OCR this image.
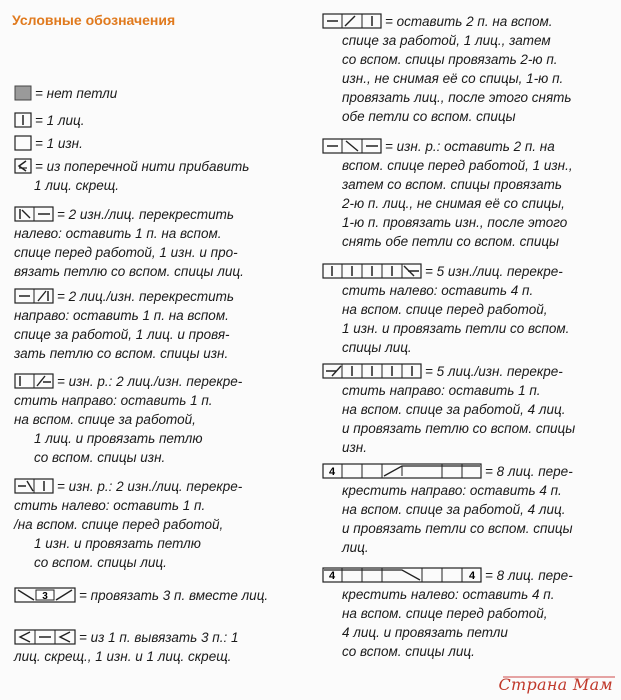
Условные обозначения
= нет петли
= 1 лиц.
= 1 изн.
= из поперечной нити прибавить
1 лиц. скрещ.
= 2 изн./лиц. перекрестить
налево: оставить 1 п. на вспом.
спице перед работой, 1 изн. и про-
вязать петлю со вспом. спицы лиц.
= 2 лиц./изн. перекрестить
направо: оставить 1 п. на вспом.
спице за работой, 1 лиц. и провя-
зать петлю со вспом. спицы изн.
= изн. р.: 2 лиц./изн. перекре-
стить направо: оставить 1 п.
на вспом. спице за работой,
1 лиц. и провязать петлю
со вспом. спицы изн.
= изн. р.: 2 изн./лиц. перекре-
стить налево: оставить 1 п.
/на вспом. спице перед работой,
1 изн. и провязать петлю
со вспом. спицы лиц.
3 = провязать 3 п. вместе лиц.
= из 1 п. вывязать 3 п.: 1
лиц. скрещ., 1 изн. и 1 лиц. скрещ.
= оставить 2 п. на вспом.
спице за работой, 1 лиц., затем
со вспом. спицы провязать 2-ю п.
изн., не снимая её со спицы, 1-ю п.
провязать лиц., после этого снять
обе петли со вспом. спицы
= изн. р.: оставить 2 п. на
вспом. спице перед работой, 1 изн.,
затем со вспом. спицы провязать
2-ю п. лиц., не снимая её со спицы,
1-ю п. провязать изн., после этого
снять обе петли со вспом. спицы
= 5 изн./лиц. перекре-
стить налево: оставить 4 п.
на вспом. спице перед работой,
1 изн. и провязать петли со вспом.
спицы лиц.
= 5 лиц./изн. перекре-
стить направо: оставить 1 п.
на вспом. спице за работой, 4 лиц.
и провязать петлю со вспом. спицы
изн.
4	= 8 лиц. пере-
крестить направо: оставить 4 п.
на вспом. спице за работой, 4 лиц.
и провязать петли со вспом. спицы
лиц.
4	4 = 8 лиц. пере-
крестить налево: оставить 4 п.
на вспом. спице перед работой,
4 лиц. и провязать петли
со вспом. спицы лиц.
Страна Мам
